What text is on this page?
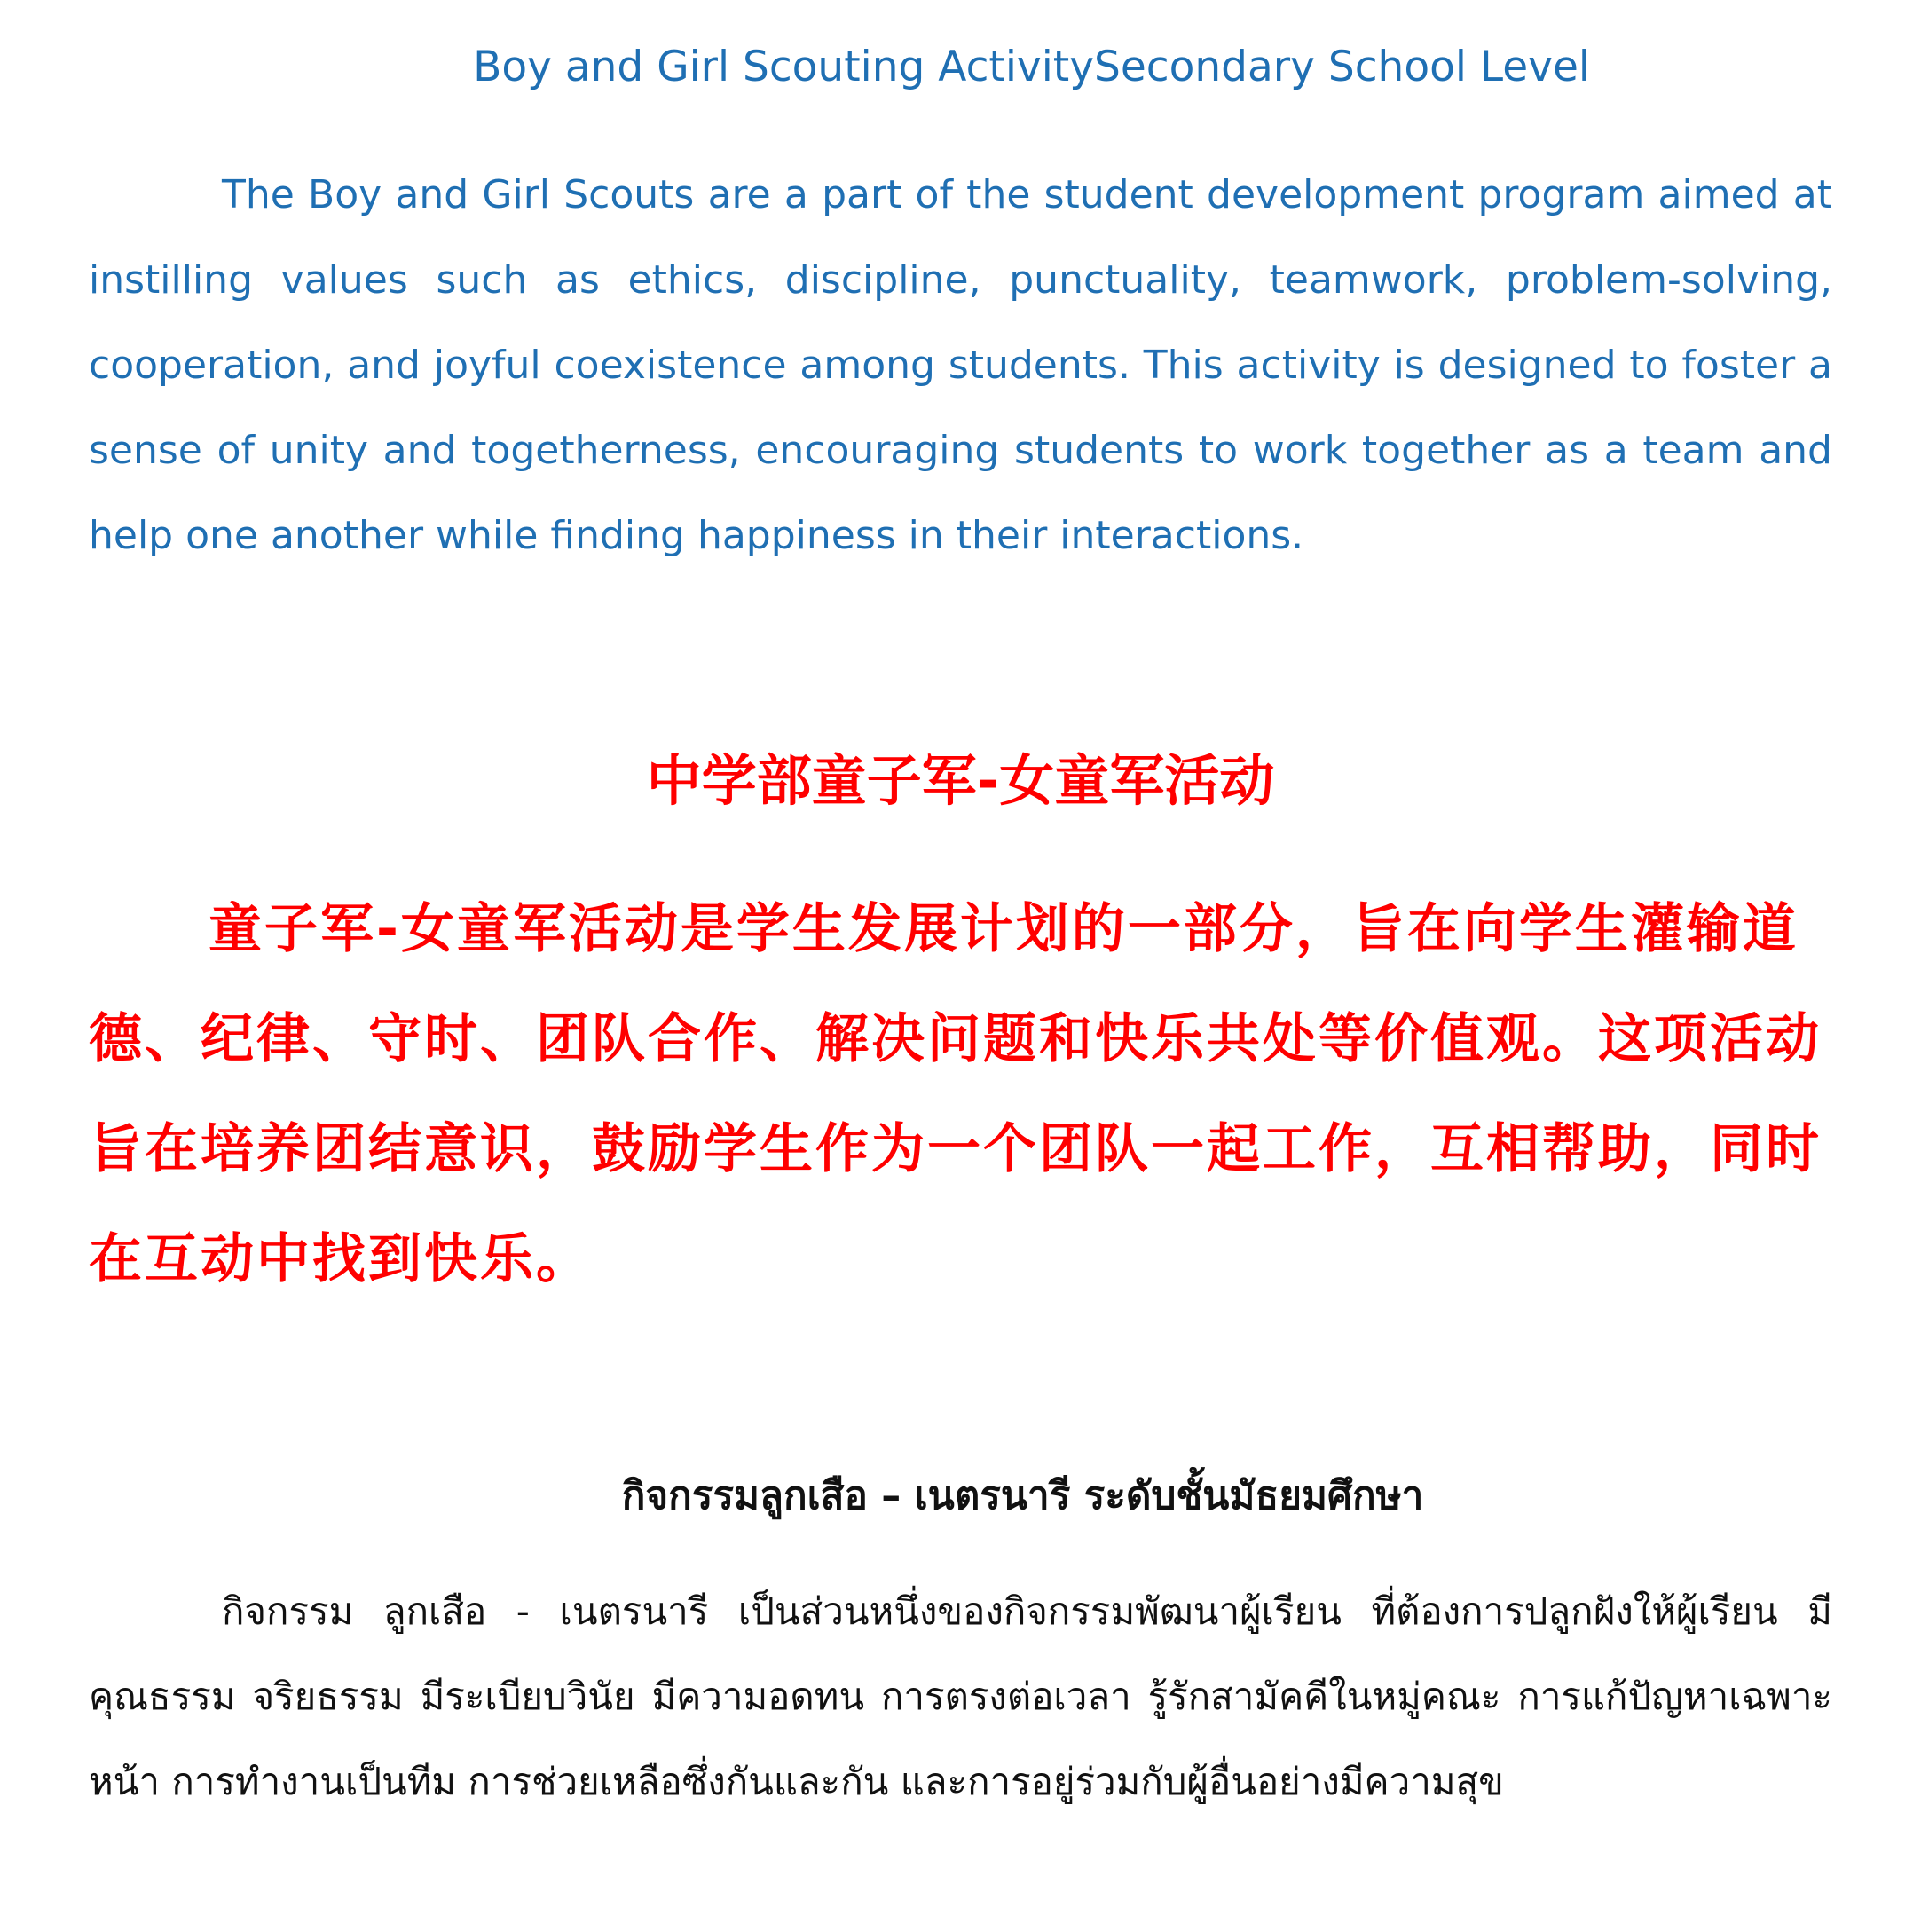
Boy and Girl Scouting ActivitySecondary School Level

The Boy and Girl Scouts are a part of the student development program aimed at instilling values such as ethics, discipline, punctuality, teamwork, problem-solving, cooperation, and joyful coexistence among students. This activity is designed to foster a sense of unity and togetherness, encouraging students to work together as a team and help one another while finding happiness in their interactions.

中学部童子军-女童军活动

童子军-女童军活动是学生发展计划的一部分，旨在向学生灌输道德、纪律、守时、团队合作、解决问题和快乐共处等价值观。这项活动旨在培养团结意识，鼓励学生作为一个团队一起工作，互相帮助，同时在互动中找到快乐。

กิจกรรมลูกเสือ – เนตรนารี ระดับชั้นมัธยมศึกษา

กิจกรรม ลูกเสือ - เนตรนารี เป็นส่วนหนึ่งของกิจกรรมพัฒนาผู้เรียน ที่ต้องการปลูกฝังให้ผู้เรียน มีคุณธรรม จริยธรรม มีระเบียบวินัย มีความอดทน การตรงต่อเวลา รู้รักสามัคคีในหมู่คณะ การแก้ปัญหาเฉพาะหน้า การทำงานเป็นทีม การช่วยเหลือซึ่งกันและกัน และการอยู่ร่วมกับผู้อื่นอย่างมีความสุข
